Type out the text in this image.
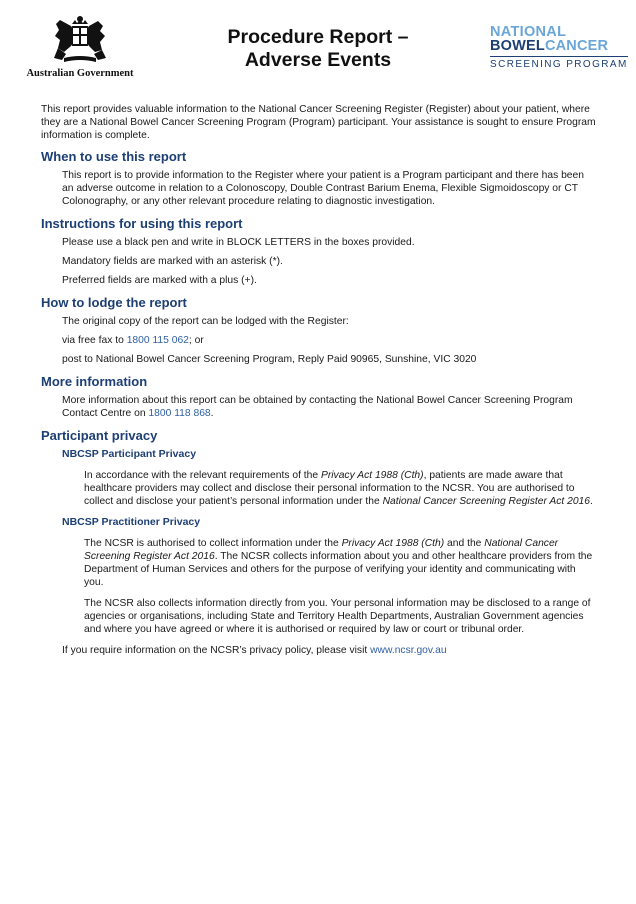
Australian Government
Procedure Report –
Adverse Events
NATIONAL
BOWELCANCER
SCREENING PROGRAM

This report provides valuable information to the National Cancer Screening Register (Register) about your patient, where they are a National Bowel Cancer Screening Program (Program) participant. Your assistance is sought to ensure Program information is complete.

When to use this report

This report is to provide information to the Register where your patient is a Program participant and there has been an adverse outcome in relation to a Colonoscopy, Double Contrast Barium Enema, Flexible Sigmoidoscopy or CT Colonography, or any other relevant procedure relating to diagnostic investigation.

Instructions for using this report

Please use a black pen and write in BLOCK LETTERS in the boxes provided.

Mandatory fields are marked with an asterisk (*).

Preferred fields are marked with a plus (+).

How to lodge the report

The original copy of the report can be lodged with the Register:

via free fax to 1800 115 062; or

post to National Bowel Cancer Screening Program, Reply Paid 90965, Sunshine, VIC 3020

More information

More information about this report can be obtained by contacting the National Bowel Cancer Screening Program Contact Centre on 1800 118 868.

Participant privacy
NBCSP Participant Privacy

In accordance with the relevant requirements of the Privacy Act 1988 (Cth), patients are made aware that healthcare providers may collect and disclose their personal information to the NCSR. You are authorised to collect and disclose your patient’s personal information under the National Cancer Screening Register Act 2016.

NBCSP Practitioner Privacy

The NCSR is authorised to collect information under the Privacy Act 1988 (Cth) and the National Cancer Screening Register Act 2016. The NCSR collects information about you and other healthcare providers from the Department of Human Services and others for the purpose of verifying your identity and communicating with you.

The NCSR also collects information directly from you. Your personal information may be disclosed to a range of agencies or organisations, including State and Territory Health Departments, Australian Government agencies and where you have agreed or where it is authorised or required by law or court or tribunal order.

If you require information on the NCSR’s privacy policy, please visit www.ncsr.gov.au
